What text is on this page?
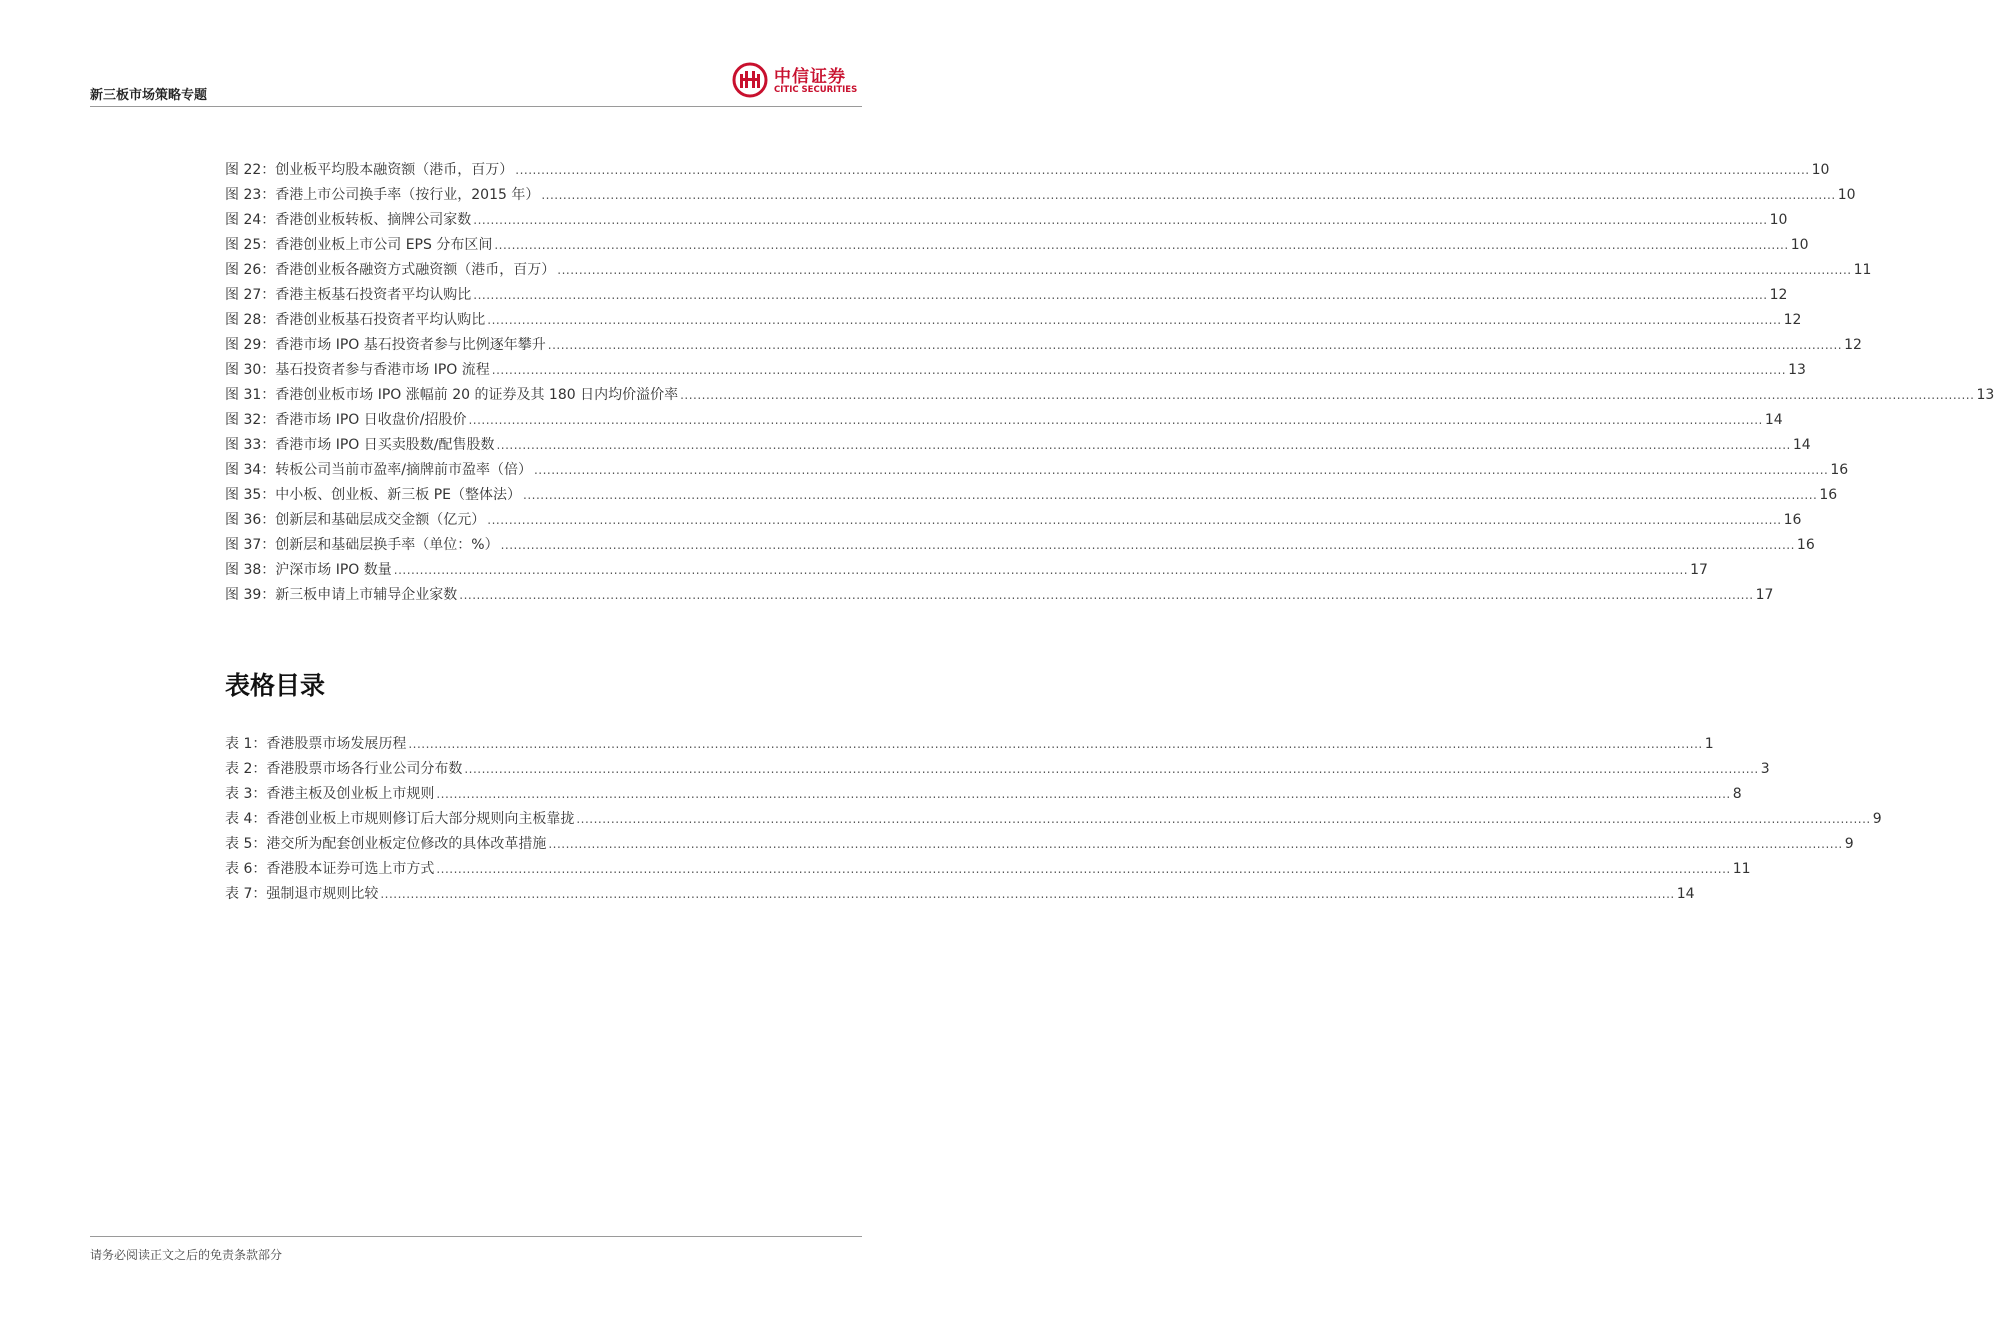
新三板市场策略专题
中信证券
CITIC SECURITIES
图 22：创业板平均股本融资额（港币，百万） ............................................................................................................................................................................................................................................................................................................ 10
图 23：香港上市公司换手率（按行业，2015 年） ............................................................................................................................................................................................................................................................................................................ 10
图 24：香港创业板转板、摘牌公司家数 ............................................................................................................................................................................................................................................................................................................ 10
图 25：香港创业板上市公司 EPS 分布区间 ............................................................................................................................................................................................................................................................................................................ 10
图 26：香港创业板各融资方式融资额（港币，百万） ............................................................................................................................................................................................................................................................................................................ 11
图 27：香港主板基石投资者平均认购比 ............................................................................................................................................................................................................................................................................................................ 12
图 28：香港创业板基石投资者平均认购比 ............................................................................................................................................................................................................................................................................................................ 12
图 29：香港市场 IPO 基石投资者参与比例逐年攀升 ............................................................................................................................................................................................................................................................................................................ 12
图 30：基石投资者参与香港市场 IPO 流程 ............................................................................................................................................................................................................................................................................................................ 13
图 31：香港创业板市场 IPO 涨幅前 20 的证券及其 180 日内均价溢价率 ............................................................................................................................................................................................................................................................................................................ 13
图 32：香港市场 IPO 日收盘价/招股价 ............................................................................................................................................................................................................................................................................................................ 14
图 33：香港市场 IPO 日买卖股数/配售股数 ............................................................................................................................................................................................................................................................................................................ 14
图 34：转板公司当前市盈率/摘牌前市盈率（倍） ............................................................................................................................................................................................................................................................................................................ 16
图 35：中小板、创业板、新三板 PE（整体法） ............................................................................................................................................................................................................................................................................................................ 16
图 36：创新层和基础层成交金额（亿元） ............................................................................................................................................................................................................................................................................................................ 16
图 37：创新层和基础层换手率（单位：%） ............................................................................................................................................................................................................................................................................................................ 16
图 38：沪深市场 IPO 数量 ............................................................................................................................................................................................................................................................................................................ 17
图 39：新三板申请上市辅导企业家数 ............................................................................................................................................................................................................................................................................................................ 17
表格目录
表 1：香港股票市场发展历程 ............................................................................................................................................................................................................................................................................................................ 1
表 2：香港股票市场各行业公司分布数 ............................................................................................................................................................................................................................................................................................................ 3
表 3：香港主板及创业板上市规则 ............................................................................................................................................................................................................................................................................................................ 8
表 4：香港创业板上市规则修订后大部分规则向主板靠拢 ............................................................................................................................................................................................................................................................................................................ 9
表 5：港交所为配套创业板定位修改的具体改革措施 ............................................................................................................................................................................................................................................................................................................ 9
表 6：香港股本证券可选上市方式 ............................................................................................................................................................................................................................................................................................................ 11
表 7：强制退市规则比较 ............................................................................................................................................................................................................................................................................................................ 14
请务必阅读正文之后的免责条款部分
